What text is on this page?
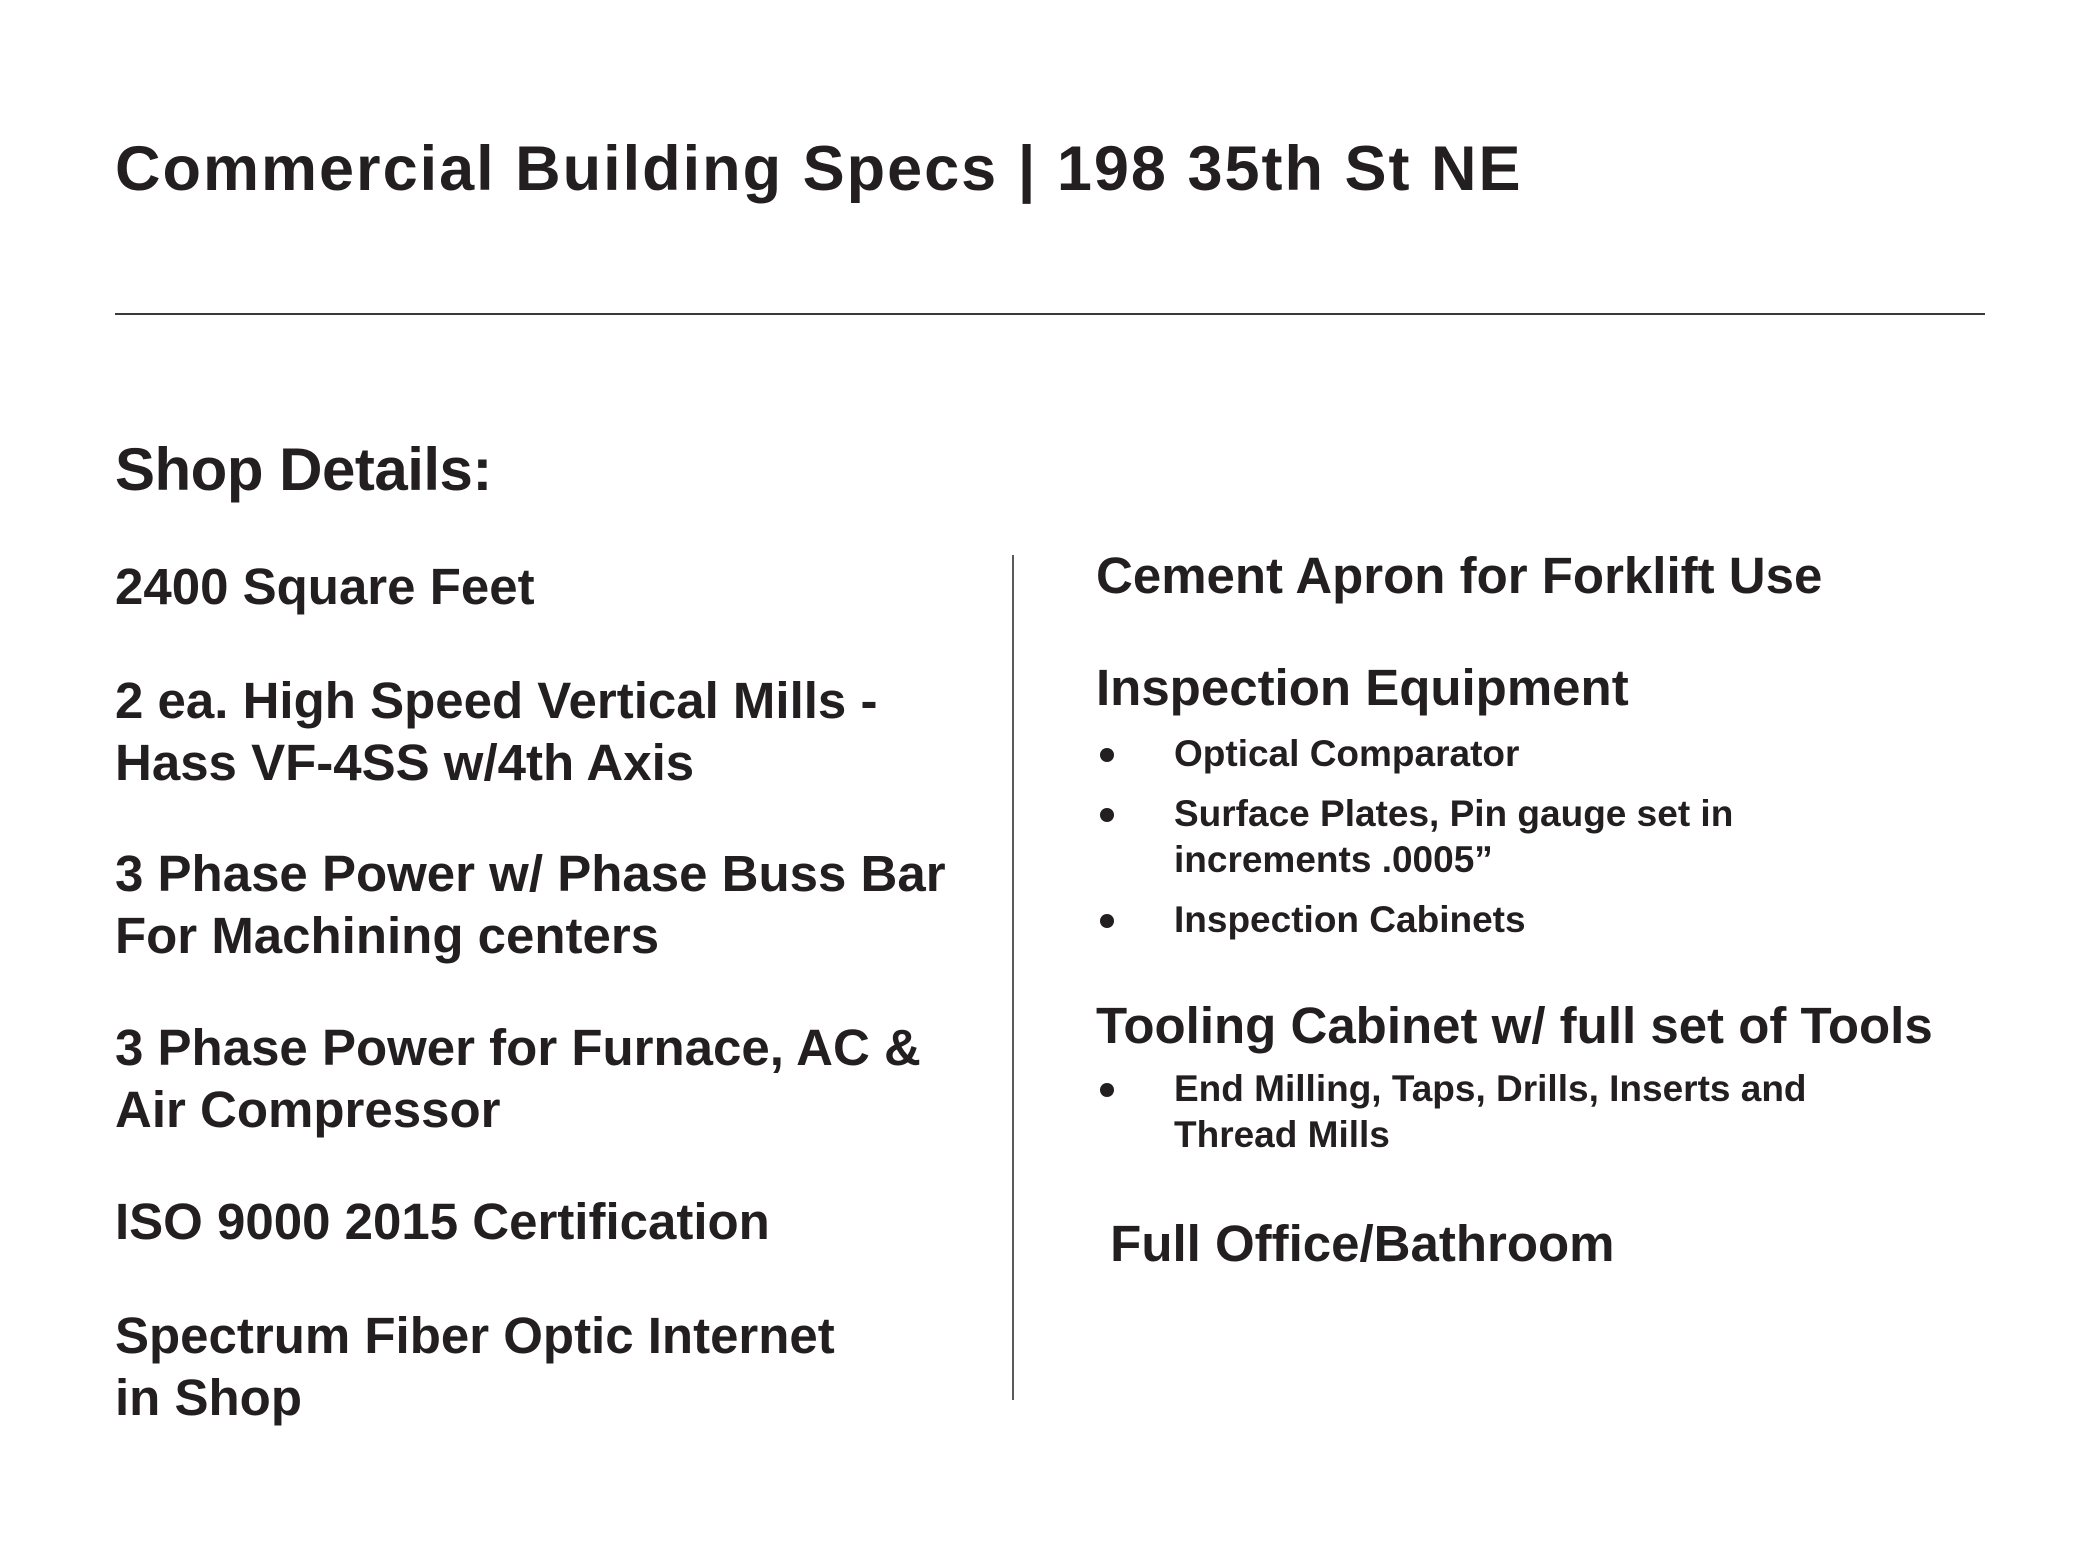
Commercial Building Specs | 198 35th St NE
Shop Details:

2400 Square Feet

2 ea. High Speed Vertical Mills -
Hass VF-4SS w/4th Axis

3 Phase Power w/ Phase Buss Bar
For Machining centers

3 Phase Power for Furnace, AC &
Air Compressor

ISO 9000 2015 Certification

Spectrum Fiber Optic Internet
in Shop

Cement Apron for Forklift Use

Inspection Equipment

Optical Comparator
Surface Plates, Pin gauge set in
increments .0005”
Inspection Cabinets

Tooling Cabinet w/ full set of Tools

End Milling, Taps, Drills, Inserts and
Thread Mills

Full Office/Bathroom
